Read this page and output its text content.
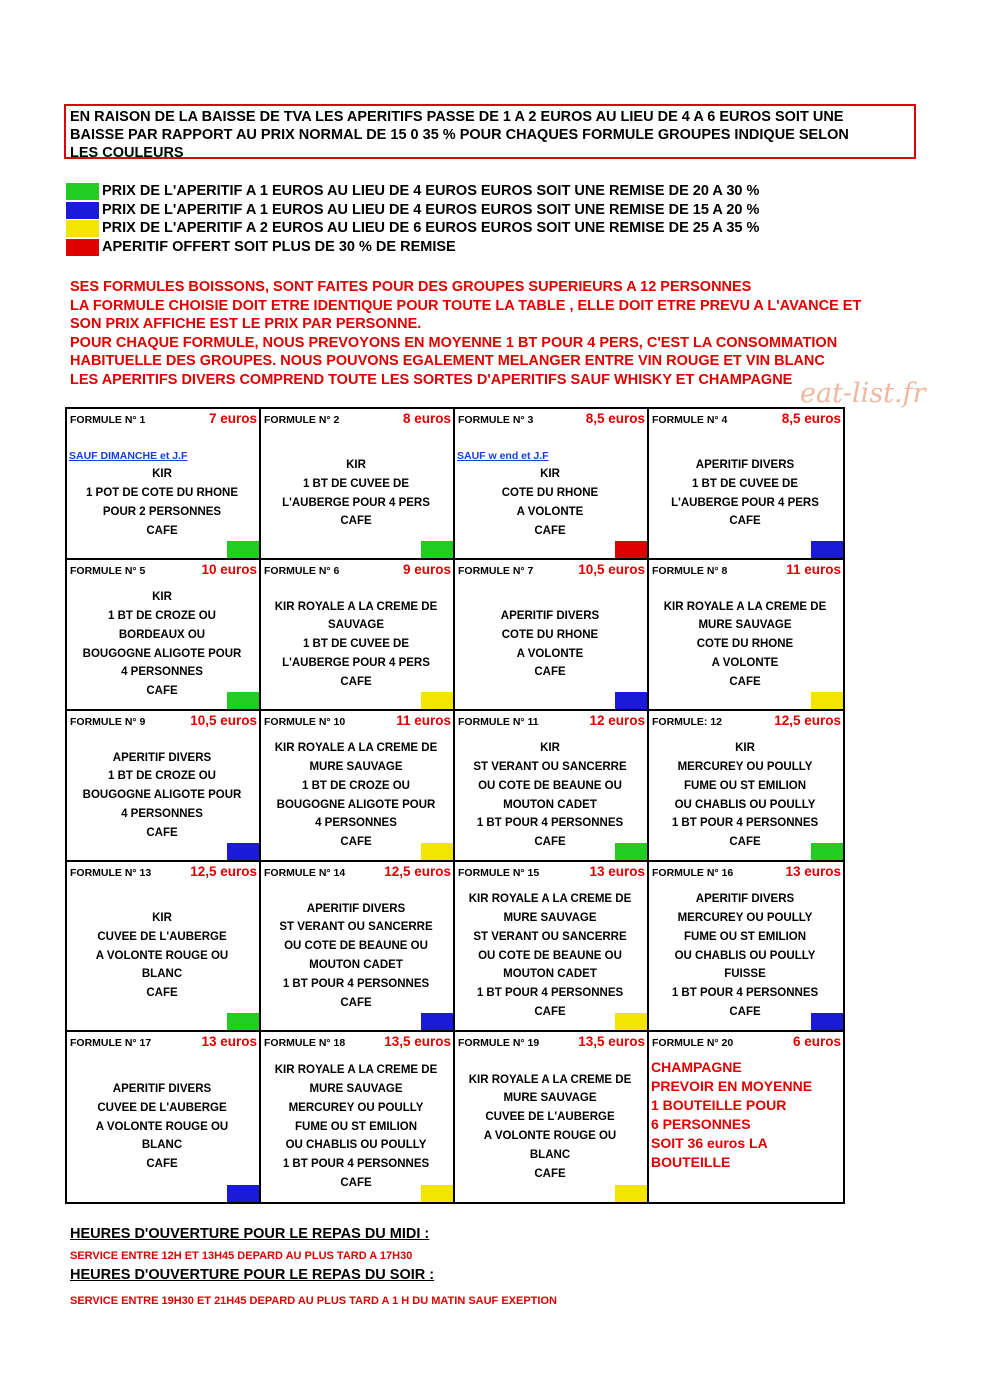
EN RAISON DE LA BAISSE DE TVA LES APERITIFS PASSE DE 1 A 2 EUROS AU LIEU DE 4 A 6 EUROS SOIT UNE
BAISSE PAR RAPPORT AU PRIX NORMAL DE 15 0 35 % POUR CHAQUES FORMULE GROUPES INDIQUE SELON
LES COULEURS
PRIX DE L'APERITIF A 1 EUROS AU LIEU DE 4 EUROS EUROS SOIT UNE REMISE DE 20 A 30 %
PRIX DE L'APERITIF A 1 EUROS AU LIEU DE 4 EUROS EUROS SOIT UNE REMISE DE 15 A 20 %
PRIX DE L'APERITIF A 2 EUROS AU LIEU DE 6 EUROS EUROS SOIT UNE REMISE DE 25 A 35 %
APERITIF OFFERT SOIT PLUS DE 30 % DE REMISE
SES FORMULES BOISSONS, SONT FAITES POUR DES GROUPES SUPERIEURS A 12 PERSONNES
LA FORMULE CHOISIE DOIT ETRE IDENTIQUE POUR TOUTE LA TABLE , ELLE DOIT ETRE PREVU A L'AVANCE ET
SON PRIX AFFICHE EST LE PRIX PAR PERSONNE.
POUR CHAQUE FORMULE, NOUS PREVOYONS EN MOYENNE 1 BT POUR 4 PERS, C'EST LA CONSOMMATION
HABITUELLE DES GROUPES. NOUS POUVONS EGALEMENT MELANGER ENTRE VIN ROUGE ET VIN BLANC
LES APERITIFS DIVERS COMPREND TOUTE LES SORTES D'APERITIFS SAUF WHISKY ET CHAMPAGNE eat-list.fr
FORMULE N° 1	7 euros
SAUF DIMANCHE et J.F
KIR
1 POT DE COTE DU RHONE
POUR 2 PERSONNES
CAFE
FORMULE N° 2	8 euros
KIR
1 BT DE CUVEE DE
L'AUBERGE POUR 4 PERS
CAFE
FORMULE N° 3	8,5 euros
SAUF w end et J.F
KIR
COTE DU RHONE
A VOLONTE
CAFE
FORMULE N° 4	8,5 euros
APERITIF DIVERS
1 BT DE CUVEE DE
L'AUBERGE POUR 4 PERS
CAFE
FORMULE N° 5	10 euros
KIR
1 BT DE CROZE OU
BORDEAUX OU
BOUGOGNE ALIGOTE POUR
4 PERSONNES
CAFE
FORMULE N° 6	9 euros
KIR ROYALE A LA CREME DE
SAUVAGE
1 BT DE CUVEE DE
L'AUBERGE POUR 4 PERS
CAFE
FORMULE N° 7	10,5 euros
APERITIF DIVERS
COTE DU RHONE
A VOLONTE
CAFE
FORMULE N° 8	11 euros
KIR ROYALE A LA CREME DE
MURE SAUVAGE
COTE DU RHONE
A VOLONTE
CAFE
FORMULE N° 9	10,5 euros
APERITIF DIVERS
1 BT DE CROZE OU
BOUGOGNE ALIGOTE POUR
4 PERSONNES
CAFE
FORMULE N° 10	11 euros
KIR ROYALE A LA CREME DE
MURE SAUVAGE
1 BT DE CROZE OU
BOUGOGNE ALIGOTE POUR
4 PERSONNES
CAFE
FORMULE N° 11	12 euros
KIR
ST VERANT OU SANCERRE
OU COTE DE BEAUNE OU
MOUTON CADET
1 BT POUR 4 PERSONNES
CAFE
FORMULE: 12	12,5 euros
KIR
MERCUREY OU POULLY
FUME OU ST EMILION
OU CHABLIS OU POULLY
1 BT POUR 4 PERSONNES
CAFE
FORMULE N° 13	12,5 euros
KIR
CUVEE DE L'AUBERGE
A VOLONTE ROUGE OU
BLANC
CAFE
FORMULE N° 14	12,5 euros
APERITIF DIVERS
ST VERANT OU SANCERRE
OU COTE DE BEAUNE OU
MOUTON CADET
1 BT POUR 4 PERSONNES
CAFE
FORMULE N° 15	13 euros
KIR ROYALE A LA CREME DE
MURE SAUVAGE
ST VERANT OU SANCERRE
OU COTE DE BEAUNE OU
MOUTON CADET
1 BT POUR 4 PERSONNES
CAFE
FORMULE N° 16	13 euros
APERITIF DIVERS
MERCUREY OU POULLY
FUME OU ST EMILION
OU CHABLIS OU POULLY
FUISSE
1 BT POUR 4 PERSONNES
CAFE
FORMULE N° 17	13 euros
APERITIF DIVERS
CUVEE DE L'AUBERGE
A VOLONTE ROUGE OU
BLANC
CAFE
FORMULE N° 18	13,5 euros
KIR ROYALE A LA CREME DE
MURE SAUVAGE
MERCUREY OU POULLY
FUME OU ST EMILION
OU CHABLIS OU POULLY
1 BT POUR 4 PERSONNES
CAFE
FORMULE N° 19	13,5 euros
KIR ROYALE A LA CREME DE
MURE SAUVAGE
CUVEE DE L'AUBERGE
A VOLONTE ROUGE OU
BLANC
CAFE
FORMULE N° 20	6 euros
CHAMPAGNE
PREVOIR EN MOYENNE
1 BOUTEILLE POUR
6 PERSONNES
SOIT 36 euros LA
BOUTEILLE
HEURES D'OUVERTURE POUR LE REPAS DU MIDI :
SERVICE ENTRE 12H ET 13H45 DEPARD AU PLUS TARD A 17H30
HEURES D'OUVERTURE POUR LE REPAS DU SOIR :
SERVICE ENTRE 19H30 ET 21H45 DEPARD AU PLUS TARD A 1 H DU MATIN SAUF EXEPTION
